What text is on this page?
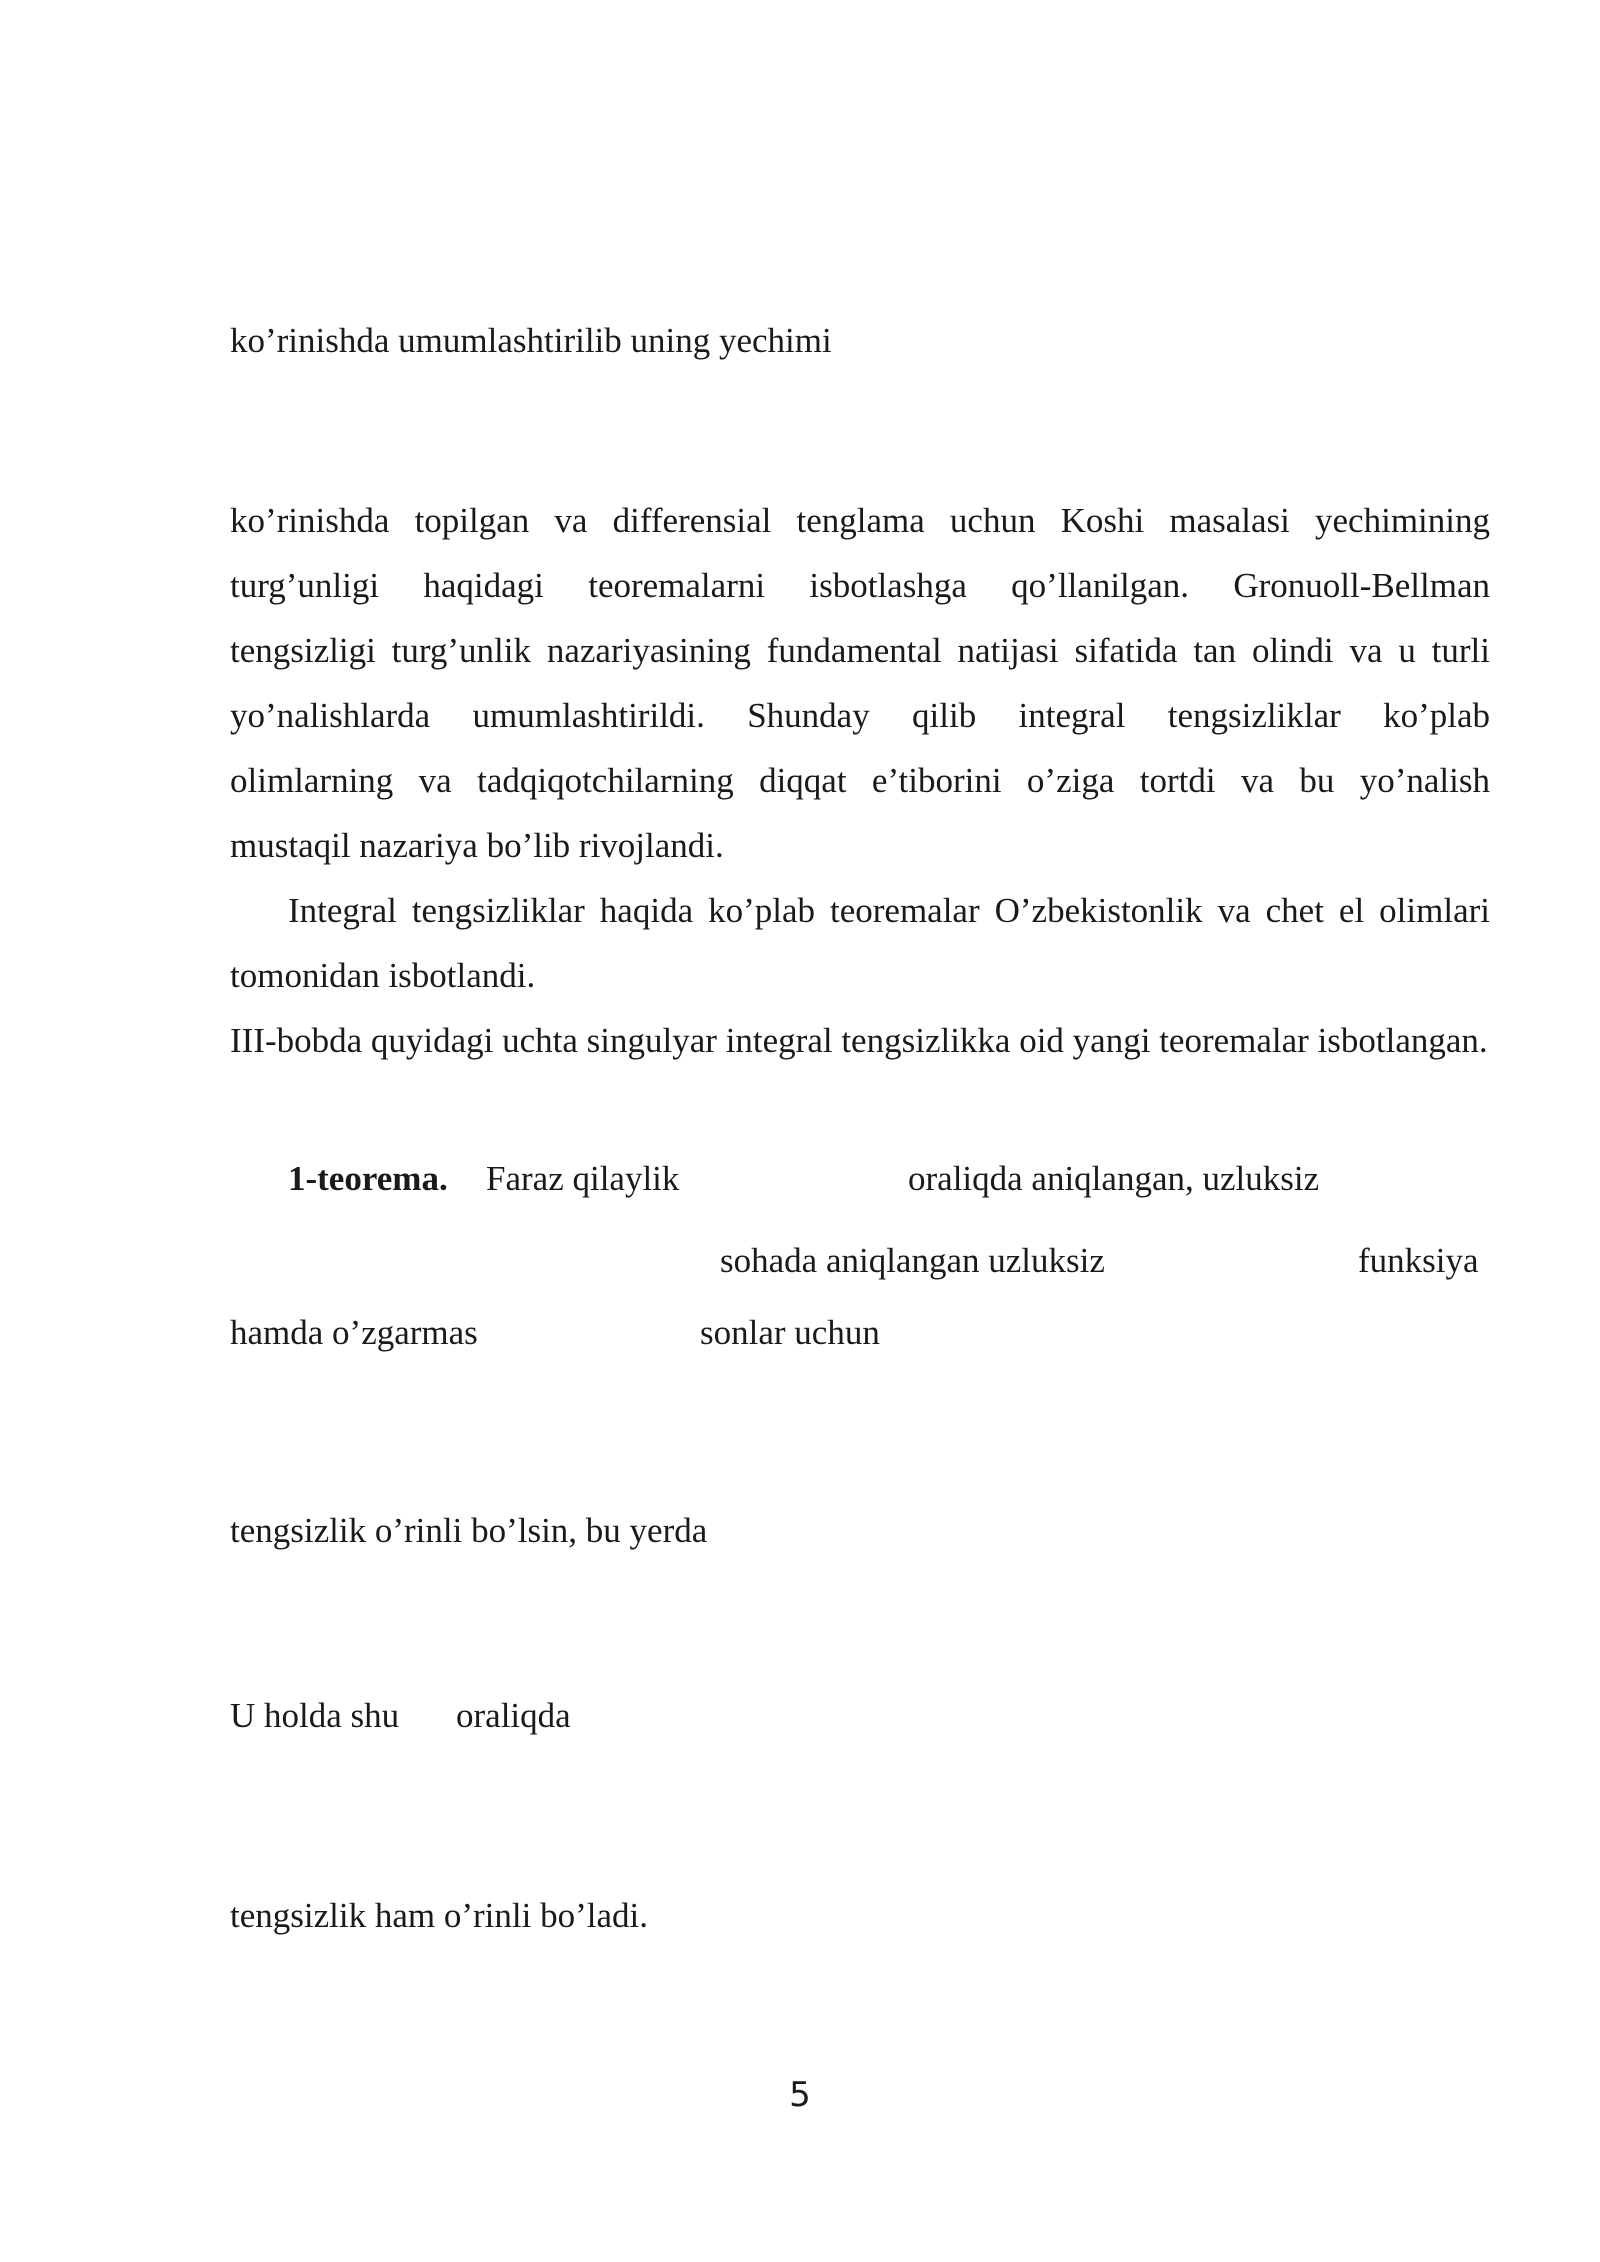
ko’rinishda umumlashtirilib uning yechimi

ko’rinishda topilgan va differensial tenglama uchun Koshi masalasi yechimining

turg’unligi haqidagi teoremalarni isbotlashga qo’llanilgan. Gronuoll-Bellman

tengsizligi turg’unlik nazariyasining fundamental natijasi sifatida tan olindi va u turli

yo’nalishlarda umumlashtirildi. Shunday qilib integral tengsizliklar ko’plab

olimlarning va tadqiqotchilarning diqqat e’tiborini o’ziga tortdi va bu yo’nalish

mustaqil nazariya bo’lib rivojlandi.

Integral tengsizliklar haqida ko’plab teoremalar O’zbekistonlik va chet el olimlari tomonidan isbotlandi.

III-bobda quyidagi uchta singulyar integral tengsizlikka oid yangi teoremalar isbotlangan.

1-teorema. Faraz qilaylik	oraliqda aniqlangan, uzluksiz

sohada aniqlangan uzluksiz	funksiya

hamda o’zgarmas	sonlar uchun

tengsizlik o’rinli bo’lsin, bu yerda

U holda shu oraliqda

tengsizlik ham o’rinli bo’ladi.

5
